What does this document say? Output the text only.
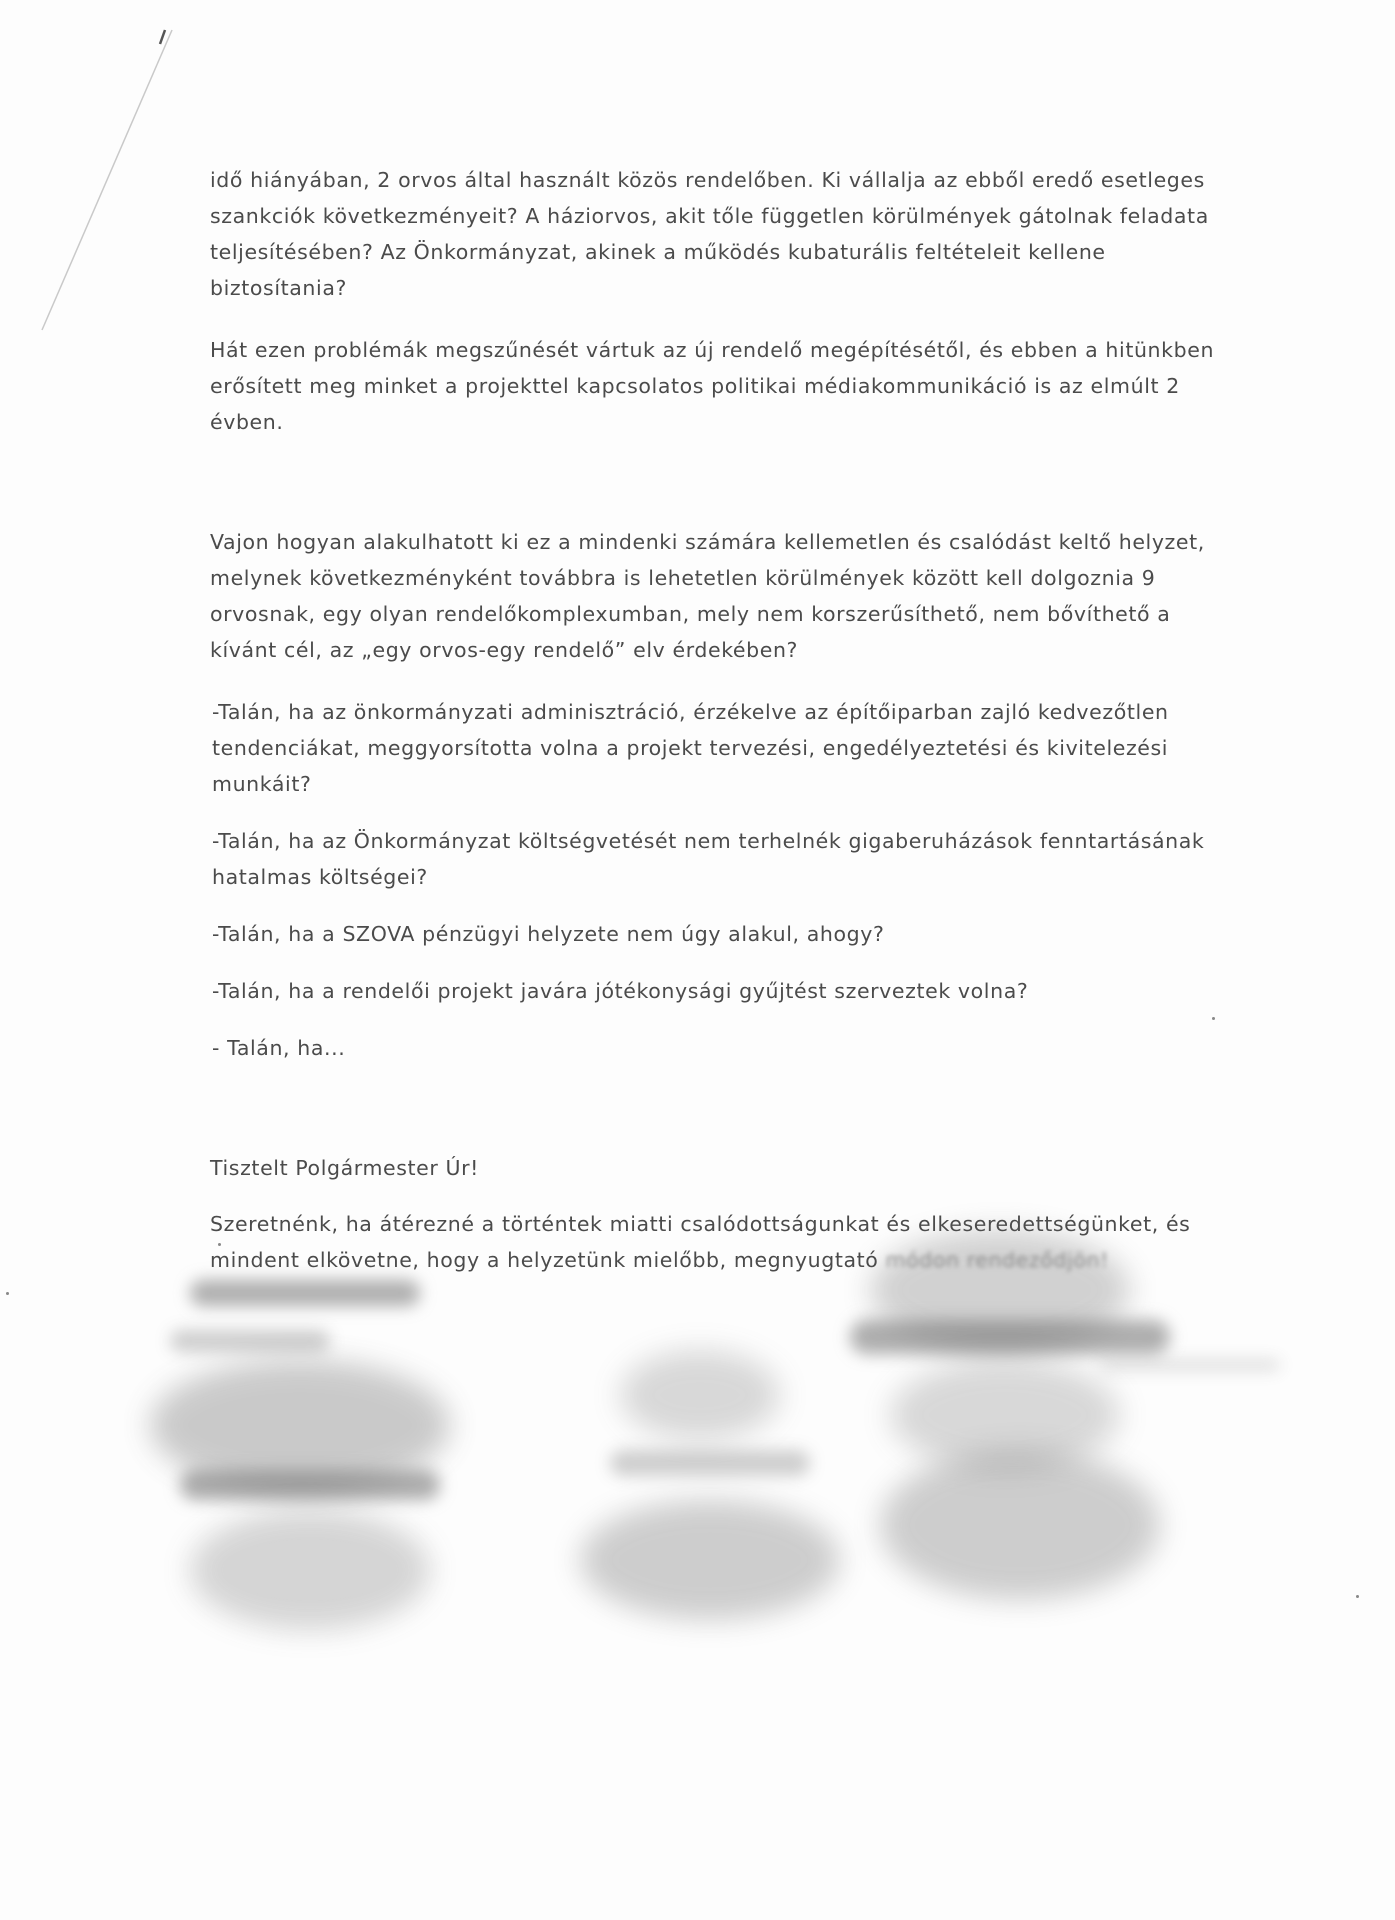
idő hiányában, 2 orvos által használt közös rendelőben. Ki vállalja az ebből eredő esetleges szankciók következményeit? A háziorvos, akit tőle független körülmények gátolnak feladata teljesítésében? Az Önkormányzat, akinek a működés kubaturális feltételeit kellene biztosítania?

Hát ezen problémák megszűnését vártuk az új rendelő megépítésétől, és ebben a hitünkben erősített meg minket a projekttel kapcsolatos politikai médiakommunikáció is az elmúlt 2 évben.

Vajon hogyan alakulhatott ki ez a mindenki számára kellemetlen és csalódást keltő helyzet, melynek következményként továbbra is lehetetlen körülmények között kell dolgoznia 9 orvosnak, egy olyan rendelőkomplexumban, mely nem korszerűsíthető, nem bővíthető a kívánt cél, az „egy orvos-egy rendelő” elv érdekében?

-Talán, ha az önkormányzati adminisztráció, érzékelve az építőiparban zajló kedvezőtlen tendenciákat, meggyorsította volna a projekt tervezési, engedélyeztetési és kivitelezési munkáit?

-Talán, ha az Önkormányzat költségvetését nem terhelnék gigaberuházások fenntartásának hatalmas költségei?

-Talán, ha a SZOVA pénzügyi helyzete nem úgy alakul, ahogy?

-Talán, ha a rendelői projekt javára jótékonysági gyűjtést szerveztek volna?

- Talán, ha...

Tisztelt Polgármester Úr!

Szeretnénk, ha átérezné a történtek miatti csalódottságunkat és elkeseredettségünket, és mindent elkövetne, hogy a helyzetünk mielőbb, megnyugtató módon rendeződjön!
